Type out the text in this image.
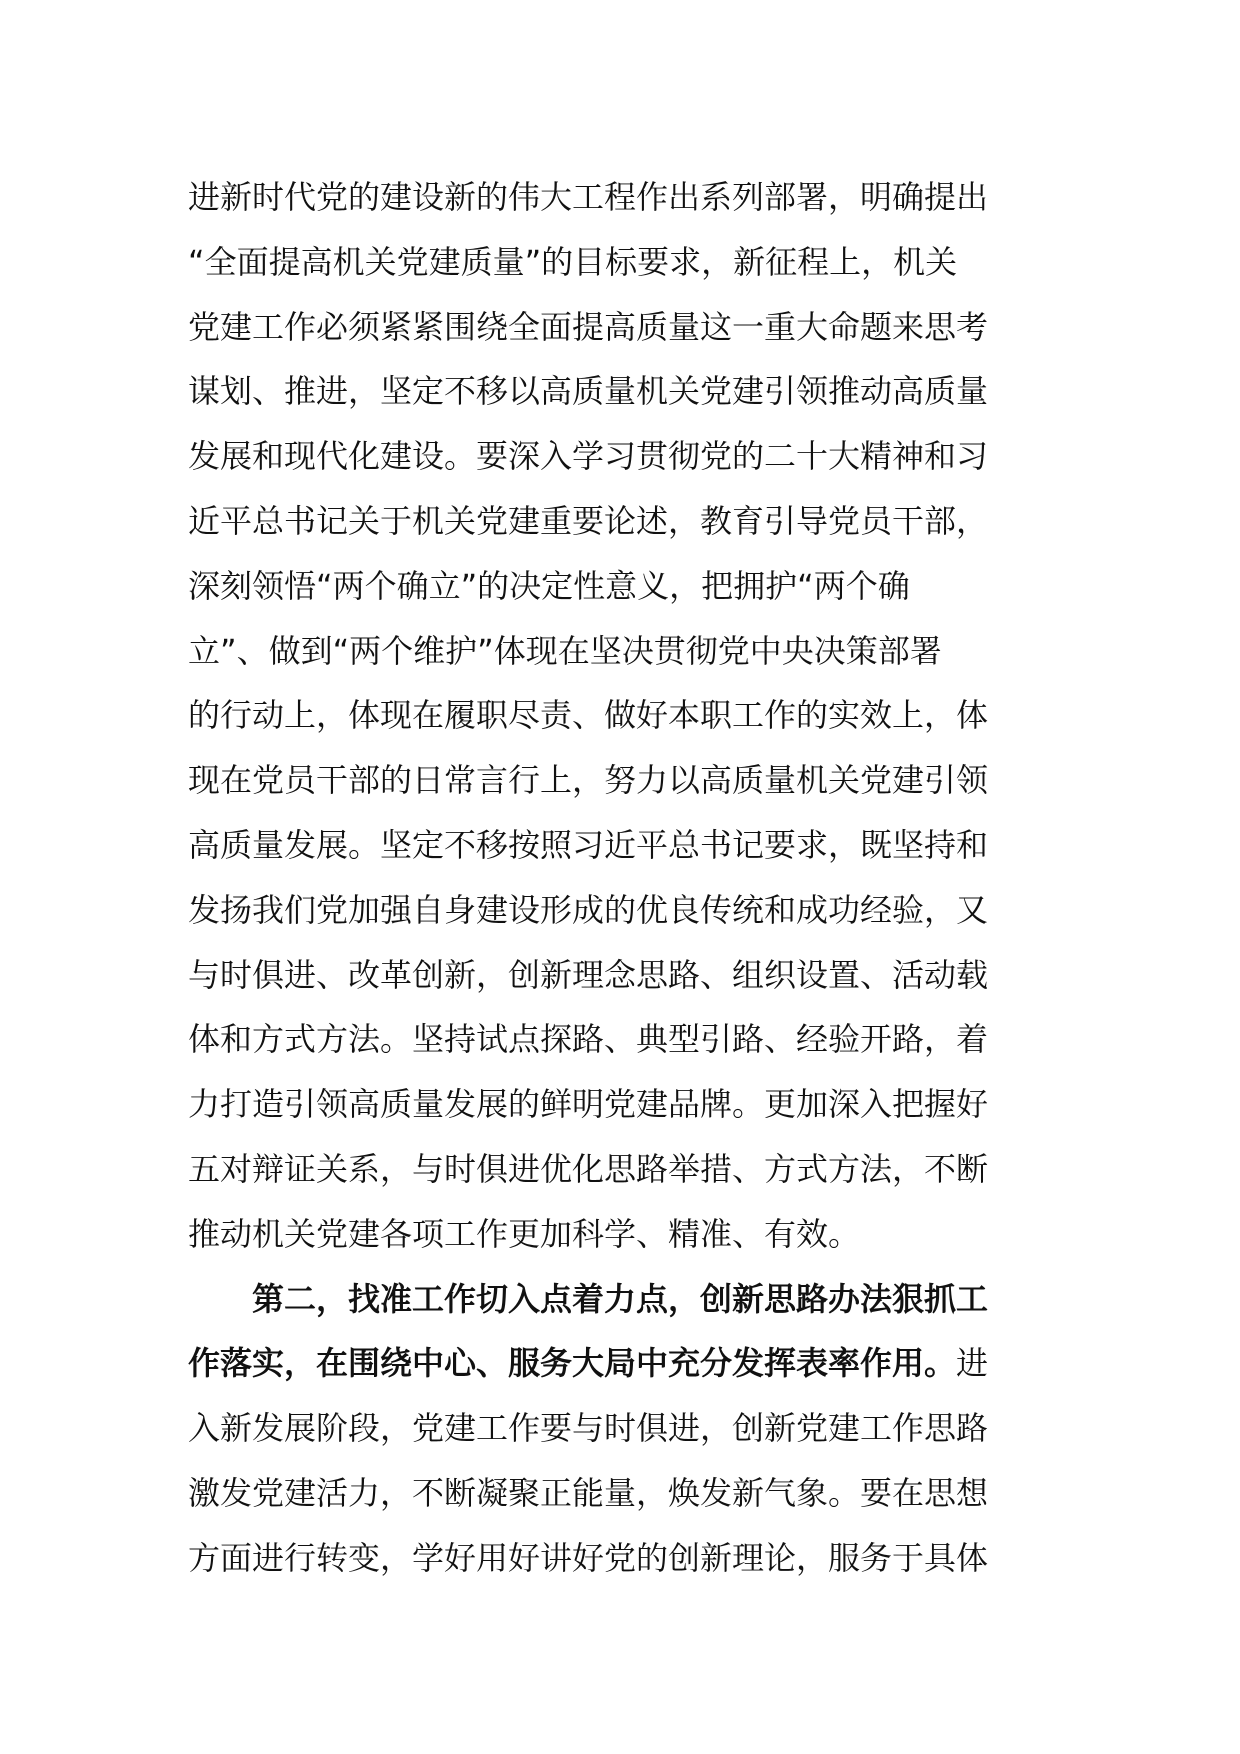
进新时代党的建设新的伟大工程作出系列部署，明确提出
“全面提高机关党建质量”的目标要求，新征程上，机关
党建工作必须紧紧围绕全面提高质量这一重大命题来思考
谋划、推进，坚定不移以高质量机关党建引领推动高质量
发展和现代化建设。要深入学习贯彻党的二十大精神和习
近平总书记关于机关党建重要论述，教育引导党员干部，
深刻领悟“两个确立”的决定性意义，把拥护“两个确
立”、做到“两个维护”体现在坚决贯彻党中央决策部署
的行动上，体现在履职尽责、做好本职工作的实效上，体
现在党员干部的日常言行上，努力以高质量机关党建引领
高质量发展。坚定不移按照习近平总书记要求，既坚持和
发扬我们党加强自身建设形成的优良传统和成功经验，又
与时俱进、改革创新，创新理念思路、组织设置、活动载
体和方式方法。坚持试点探路、典型引路、经验开路，着
力打造引领高质量发展的鲜明党建品牌。更加深入把握好
五对辩证关系，与时俱进优化思路举措、方式方法，不断
推动机关党建各项工作更加科学、精准、有效。
第二，找准工作切入点着力点，创新思路办法狠抓工
作落实，在围绕中心、服务大局中充分发挥表率作用。进
入新发展阶段，党建工作要与时俱进，创新党建工作思路
激发党建活力，不断凝聚正能量，焕发新气象。要在思想
方面进行转变，学好用好讲好党的创新理论，服务于具体
